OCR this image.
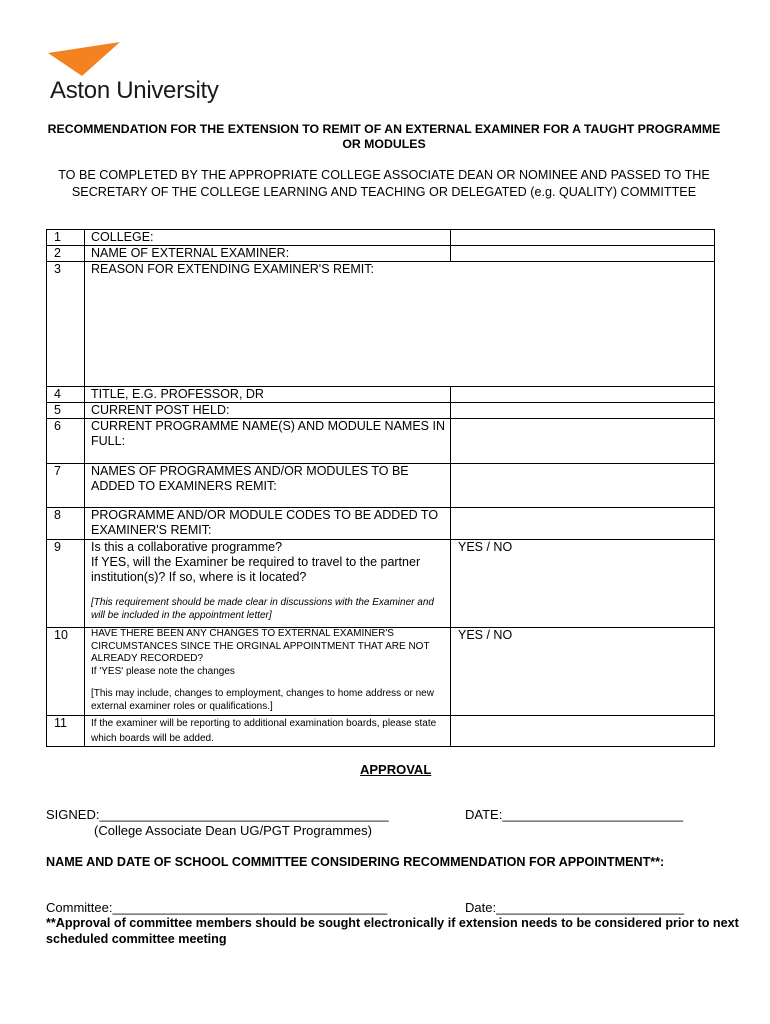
Aston University
RECOMMENDATION FOR THE EXTENSION TO REMIT OF AN EXTERNAL EXAMINER FOR A TAUGHT PROGRAMME OR MODULES
TO BE COMPLETED BY THE APPROPRIATE COLLEGE ASSOCIATE DEAN OR NOMINEE AND PASSED TO THE SECRETARY OF THE COLLEGE LEARNING AND TEACHING OR DELEGATED (e.g. QUALITY) COMMITTEE
1	COLLEGE:	
2	NAME OF EXTERNAL EXAMINER:	
3	REASON FOR EXTENDING EXAMINER'S REMIT:	
4	TITLE, E.G. PROFESSOR, DR	
5	CURRENT POST HELD:	
6	CURRENT PROGRAMME NAME(S) AND MODULE NAMES IN FULL:	
7	NAMES OF PROGRAMMES AND/OR MODULES TO BE ADDED TO EXAMINERS REMIT:	
8	PROGRAMME AND/OR MODULE CODES TO BE ADDED TO EXAMINER'S REMIT:	
9	Is this a collaborative programme?
If YES, will the Examiner be required to travel to the partner institution(s)? If so, where is it located?
[This requirement should be made clear in discussions with the Examiner and will be included in the appointment letter]	YES / NO
10	HAVE THERE BEEN ANY CHANGES TO EXTERNAL EXAMINER'S CIRCUMSTANCES SINCE THE ORGINAL APPOINTMENT THAT ARE NOT ALREADY RECORDED?
If 'YES' please note the changes
[This may include, changes to employment, changes to home address or new external examiner roles or qualifications.]	YES / NO
11	If the examiner will be reporting to additional examination boards, please state which boards will be added.	
APPROVAL
SIGNED:________________________________________	DATE:_________________________
(College Associate Dean UG/PGT Programmes)
NAME AND DATE OF SCHOOL COMMITTEE CONSIDERING RECOMMENDATION FOR APPOINTMENT**:
Committee:______________________________________	Date:__________________________
**Approval of committee members should be sought electronically if extension needs to be considered prior to next scheduled committee meeting
